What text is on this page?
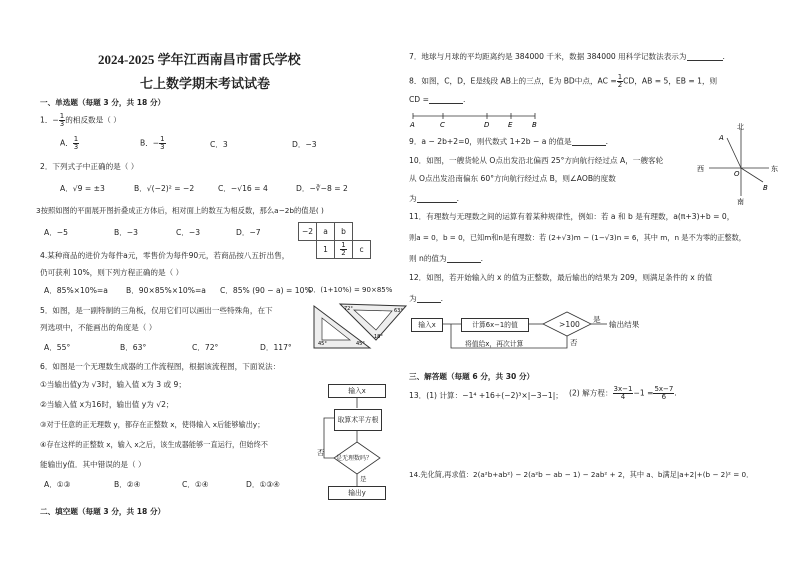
2024-2025 学年江西南昌市雷氏学校
七上数学期末考试试卷
一、单选题（每题 3 分，共 18 分）
1．− $\frac{1}{3}$ 的相反数是（ ）
A． $\frac{1}{3}$	B．− $\frac{1}{3}$	C．3	D．−3
2．下列式子中正确的是（ ）
A．√9 = ±3	B．√(−2)² = −2	C．−√16 = 4	D．−∛−8 = 2
3按照如图的平面展开图折叠成正方体后，相对面上的数互为相反数，那么a−2b的值是( )
A．−5	B．−3	C．−3	D．−7	−2	a	b	
	1	$\frac{1}{2}$	c
4.某种商品的进价为每件a元，零售价为每件90元，若商品按八五折出售，
仍可获利 10%，则下列方程正确的是（ ）
A．85%×10%=a B．90×85%×10%=a C．85% (90 − a) = 10%
D．(1+10%) = 90×85%
5．如图，是一副特制的三角板，仅用它们可以画出一些特殊角，在下
列选项中，不能画出的角度是（ ）
A．55°	B．63°	C．72°	D．117°	45°	45°
72°	63°
18°
6．如图是一个无理数生成器的工作流程图，根据该流程图，下面说法：
①当输出值y为 √3时，输入值 x为 3 或 9；
②当输入值 x为16时，输出值 y为 √2；
③对于任意的正无理数 y，都存在正整数 x，使得输入 x后能够输出y；
④存在这样的正整数 x，输入 x之后，该生成器能够一直运行，但始终不
能输出y值．其中错误的是（ ）
A．①③	B．②④	C．①④	D．①③④
输入x
取算术平方根
是无理数吗？
否
是
输出y
二、填空题（每题 3 分，共 18 分）
7．地球与月球的平均距离约是 384000 千米，数据 384000 用科学记数法表示为	.
8．如图，C，D，E是线段 AB上的三点，E为 BD中点，AC = $\frac{1}{2}$ CD，AB = 5，EB = 1，则
CD =	.
A	C	D	E	B
9．a − 2b+2=0，则代数式 1+2b − a 的值是	.
10．如图，一艘货轮从 O点出发沿北偏西 25°方向航行经过点 A，一艘客轮
从 O点出发沿南偏东 60°方向航行经过点 B，则∠AOB的度数
为	.
北
南
东
西
O
A
B
11．有理数与无理数之间的运算有着某种规律性，例如：若 a 和 b 是有理数，a(π+3)+b = 0，
则a = 0，b = 0，已知m和n是有理数：若 (2+√3)m − (1−√3)n = 6，其中 m，n 是不为零的正整数，
则 n的值为	.
12．如图，若开始输入的 x 的值为正整数，最后输出的结果为 209，则满足条件的 x 的值
为	.
输入x	计算6x−1的值	>100
是
输出结果
否
将值给x，再次计算
三、解答题（每题 6 分，共 30 分）
13．(1) 计算：−1⁴ +16÷(−2)³×|−3−1|； (2) 解方程： $\frac{3x-1}{4} -1 = \frac{5x-7}{6}$ .
14.先化简,再求值：2(a²b+ab²) − 2(a²b − ab − 1) − 2ab² + 2，其中 a、b满足|a+2|+(b − 2)² = 0．
